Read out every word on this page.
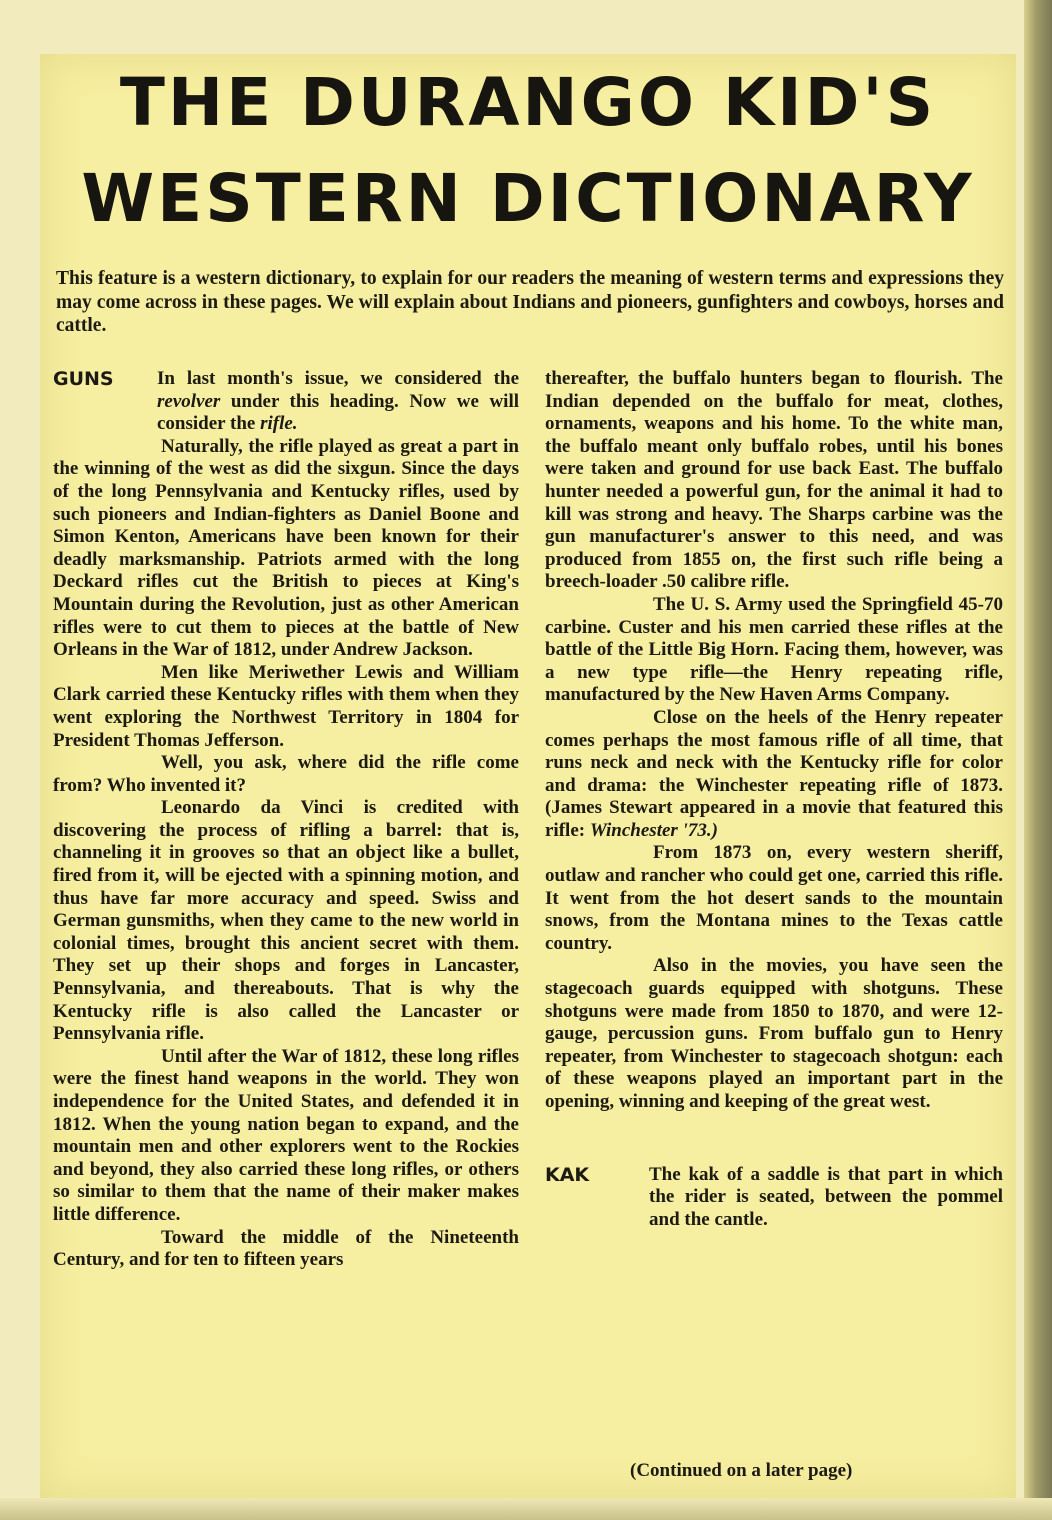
THE DURANGO KID'S
WESTERN DICTIONARY
This feature is a western dictionary, to explain for our readers the meaning of western terms and expressions they may come across in these pages. We will explain about Indians and pioneers, gunfighters and cowboys, horses and cattle.
GUNS	In last month's issue, we considered the revolver under this heading. Now we will consider the rifle.

Naturally, the rifle played as great a part in the winning of the west as did the sixgun. Since the days of the long Pennsylvania and Kentucky rifles, used by such pioneers and Indian-fighters as Daniel Boone and Simon Kenton, Americans have been known for their deadly marksmanship. Patriots armed with the long Deckard rifles cut the British to pieces at King's Mountain during the Revolution, just as other American rifles were to cut them to pieces at the battle of New Orleans in the War of 1812, under Andrew Jackson.

Men like Meriwether Lewis and William Clark carried these Kentucky rifles with them when they went exploring the Northwest Territory in 1804 for President Thomas Jefferson.

Well, you ask, where did the rifle come from? Who invented it?

Leonardo da Vinci is credited with discovering the process of rifling a barrel: that is, channeling it in grooves so that an object like a bullet, fired from it, will be ejected with a spinning motion, and thus have far more accuracy and speed. Swiss and German gunsmiths, when they came to the new world in colonial times, brought this ancient secret with them. They set up their shops and forges in Lancaster, Pennsylvania, and thereabouts. That is why the Kentucky rifle is also called the Lancaster or Pennsylvania rifle.

Until after the War of 1812, these long rifles were the finest hand weapons in the world. They won independence for the United States, and defended it in 1812. When the young nation began to expand, and the mountain men and other explorers went to the Rockies and beyond, they also carried these long rifles, or others so similar to them that the name of their maker makes little difference.

Toward the middle of the Nineteenth Century, and for ten to fifteen years

thereafter, the buffalo hunters began to flourish. The Indian depended on the buffalo for meat, clothes, ornaments, weapons and his home. To the white man, the buffalo meant only buffalo robes, until his bones were taken and ground for use back East. The buffalo hunter needed a powerful gun, for the animal it had to kill was strong and heavy. The Sharps carbine was the gun manufacturer's answer to this need, and was produced from 1855 on, the first such rifle being a breech-loader .50 calibre rifle.

The U. S. Army used the Springfield 45-70 carbine. Custer and his men carried these rifles at the battle of the Little Big Horn. Facing them, however, was a new type rifle—the Henry repeating rifle, manufactured by the New Haven Arms Company.

Close on the heels of the Henry repeater comes perhaps the most famous rifle of all time, that runs neck and neck with the Kentucky rifle for color and drama: the Winchester repeating rifle of 1873. (James Stewart appeared in a movie that featured this rifle: Winchester '73.)

From 1873 on, every western sheriff, outlaw and rancher who could get one, carried this rifle. It went from the hot desert sands to the mountain snows, from the Montana mines to the Texas cattle country.

Also in the movies, you have seen the stagecoach guards equipped with shotguns. These shotguns were made from 1850 to 1870, and were 12-gauge, percussion guns. From buffalo gun to Henry repeater, from Winchester to stagecoach shotgun: each of these weapons played an important part in the opening, winning and keeping of the great west.

KAK	The kak of a saddle is that part in which the rider is seated, between the pommel and the cantle.

(Continued on a later page)
